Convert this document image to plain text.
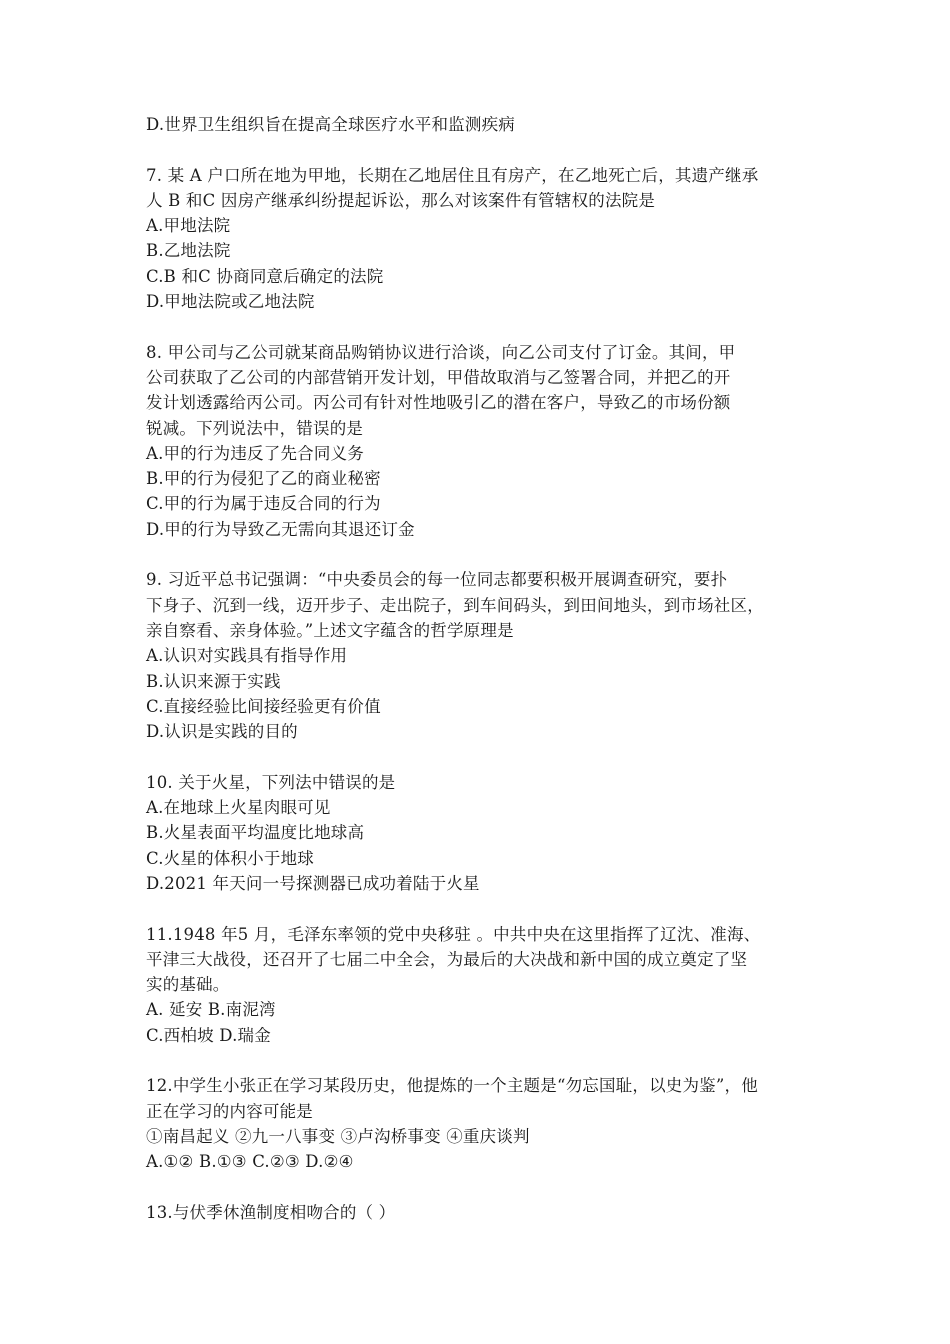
D.世界卫生组织旨在提高全球医疗水平和监测疾病
7. 某 A 户口所在地为甲地，长期在乙地居住且有房产，在乙地死亡后，其遗产继承
人 B 和C 因房产继承纠纷提起诉讼，那么对该案件有管辖权的法院是
A.甲地法院
B.乙地法院
C.B 和C 协商同意后确定的法院
D.甲地法院或乙地法院
8. 甲公司与乙公司就某商品购销协议进行洽谈，向乙公司支付了订金。其间，甲
公司获取了乙公司的内部营销开发计划，甲借故取消与乙签署合同，并把乙的开
发计划透露给丙公司。丙公司有针对性地吸引乙的潜在客户，导致乙的市场份额
锐减。下列说法中，错误的是
A.甲的行为违反了先合同义务
B.甲的行为侵犯了乙的商业秘密
C.甲的行为属于违反合同的行为
D.甲的行为导致乙无需向其退还订金
9. 习近平总书记强调：“中央委员会的每一位同志都要积极开展调查研究，要扑
下身子、沉到一线，迈开步子、走出院子，到车间码头，到田间地头，到市场社区，
亲自察看、亲身体验。”上述文字蕴含的哲学原理是
A.认识对实践具有指导作用
B.认识来源于实践
C.直接经验比间接经验更有价值
D.认识是实践的目的
10. 关于火星，下列法中错误的是
A.在地球上火星肉眼可见
B.火星表面平均温度比地球高
C.火星的体积小于地球
D.2021 年天问一号探测器已成功着陆于火星
11.1948 年5 月，毛泽东率领的党中央移驻 。中共中央在这里指挥了辽沈、准海、
平津三大战役，还召开了七届二中全会，为最后的大决战和新中国的成立奠定了坚
实的基础。
A. 延安 B.南泥湾
C.西柏坡 D.瑞金
12.中学生小张正在学习某段历史，他提炼的一个主题是“勿忘国耻，以史为鉴”，他
正在学习的内容可能是
①南昌起义 ②九一八事变 ③卢沟桥事变 ④重庆谈判
A.①② B.①③ C.②③ D.②④
13.与伏季休渔制度相吻合的（ ）
